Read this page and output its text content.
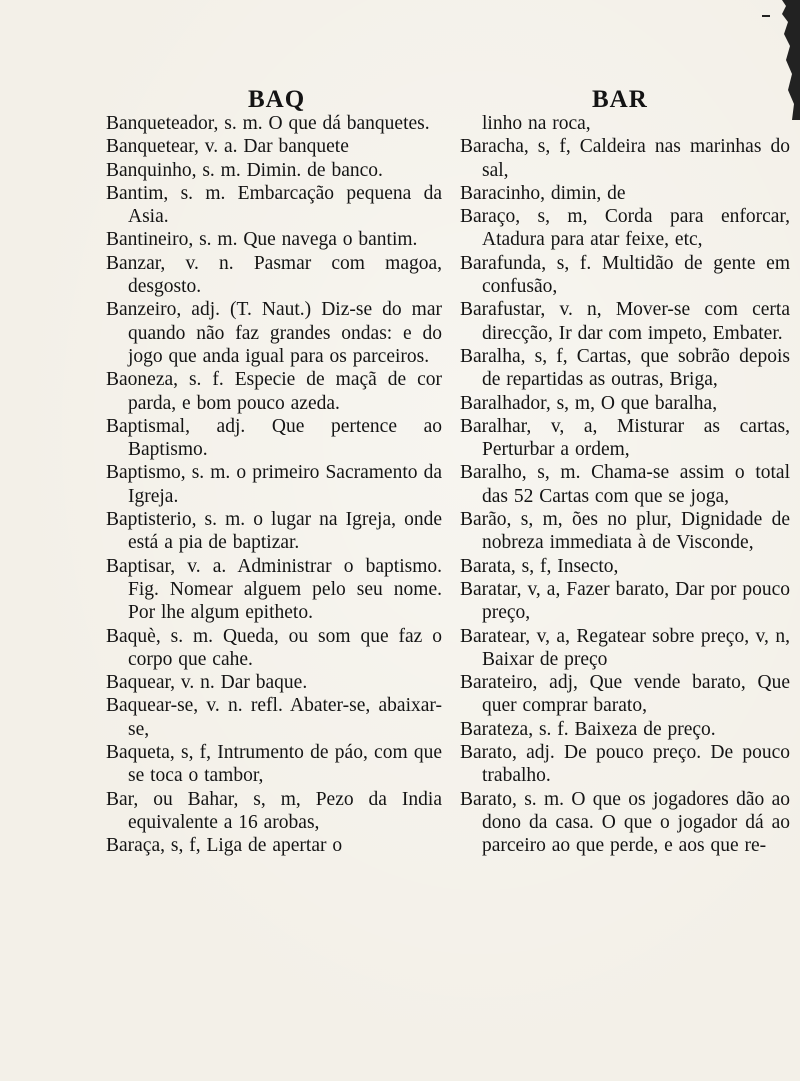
BAQ	BAR

Banqueteador, s. m. O que dá banquetes.

Banquetear, v. a. Dar banquete

Banquinho, s. m. Dimin. de banco.

Bantim, s. m. Embarcação pequena da Asia.

Bantineiro, s. m. Que navega o bantim.

Banzar, v. n. Pasmar com magoa, desgosto.

Banzeiro, adj. (T. Naut.) Diz-se do mar quando não faz grandes ondas: e do jogo que anda igual para os parceiros.

Baoneza, s. f. Especie de maçã de cor parda, e bom pouco azeda.

Baptismal, adj. Que pertence ao Baptismo.

Baptismo, s. m. o primeiro Sacramento da Igreja.

Baptisterio, s. m. o lugar na Igreja, onde está a pia de baptizar.

Baptisar, v. a. Administrar o baptismo. Fig. Nomear alguem pelo seu nome. Por lhe algum epitheto.

Baquè, s. m. Queda, ou som que faz o corpo que cahe.

Baquear, v. n. Dar baque.

Baquear-se, v. n. refl. Abater-se, abaixar-se,

Baqueta, s, f, Intrumento de páo, com que se toca o tambor,

Bar, ou Bahar, s, m, Pezo da India equivalente a 16 arobas,

Baraça, s, f, Liga de apertar o

linho na roca,

Baracha, s, f, Caldeira nas marinhas do sal,

Baracinho, dimin, de

Baraço, s, m, Corda para enforcar, Atadura para atar feixe, etc,

Barafunda, s, f. Multidão de gente em confusão,

Barafustar, v. n, Mover-se com certa direcção, Ir dar com impeto, Embater.

Baralha, s, f, Cartas, que sobrão depois de repartidas as outras, Briga,

Baralhador, s, m, O que baralha,

Baralhar, v, a, Misturar as cartas, Perturbar a ordem,

Baralho, s, m. Chama-se assim o total das 52 Cartas com que se joga,

Barão, s, m, ões no plur, Dignidade de nobreza immediata à de Visconde,

Barata, s, f, Insecto,

Baratar, v, a, Fazer barato, Dar por pouco preço,

Baratear, v, a, Regatear sobre preço, v, n, Baixar de preço

Barateiro, adj, Que vende barato, Que quer comprar barato,

Barateza, s. f. Baixeza de preço.

Barato, adj. De pouco preço. De pouco trabalho.

Barato, s. m. O que os jogadores dão ao dono da casa. O que o jogador dá ao parceiro ao que perde, e aos que re-
